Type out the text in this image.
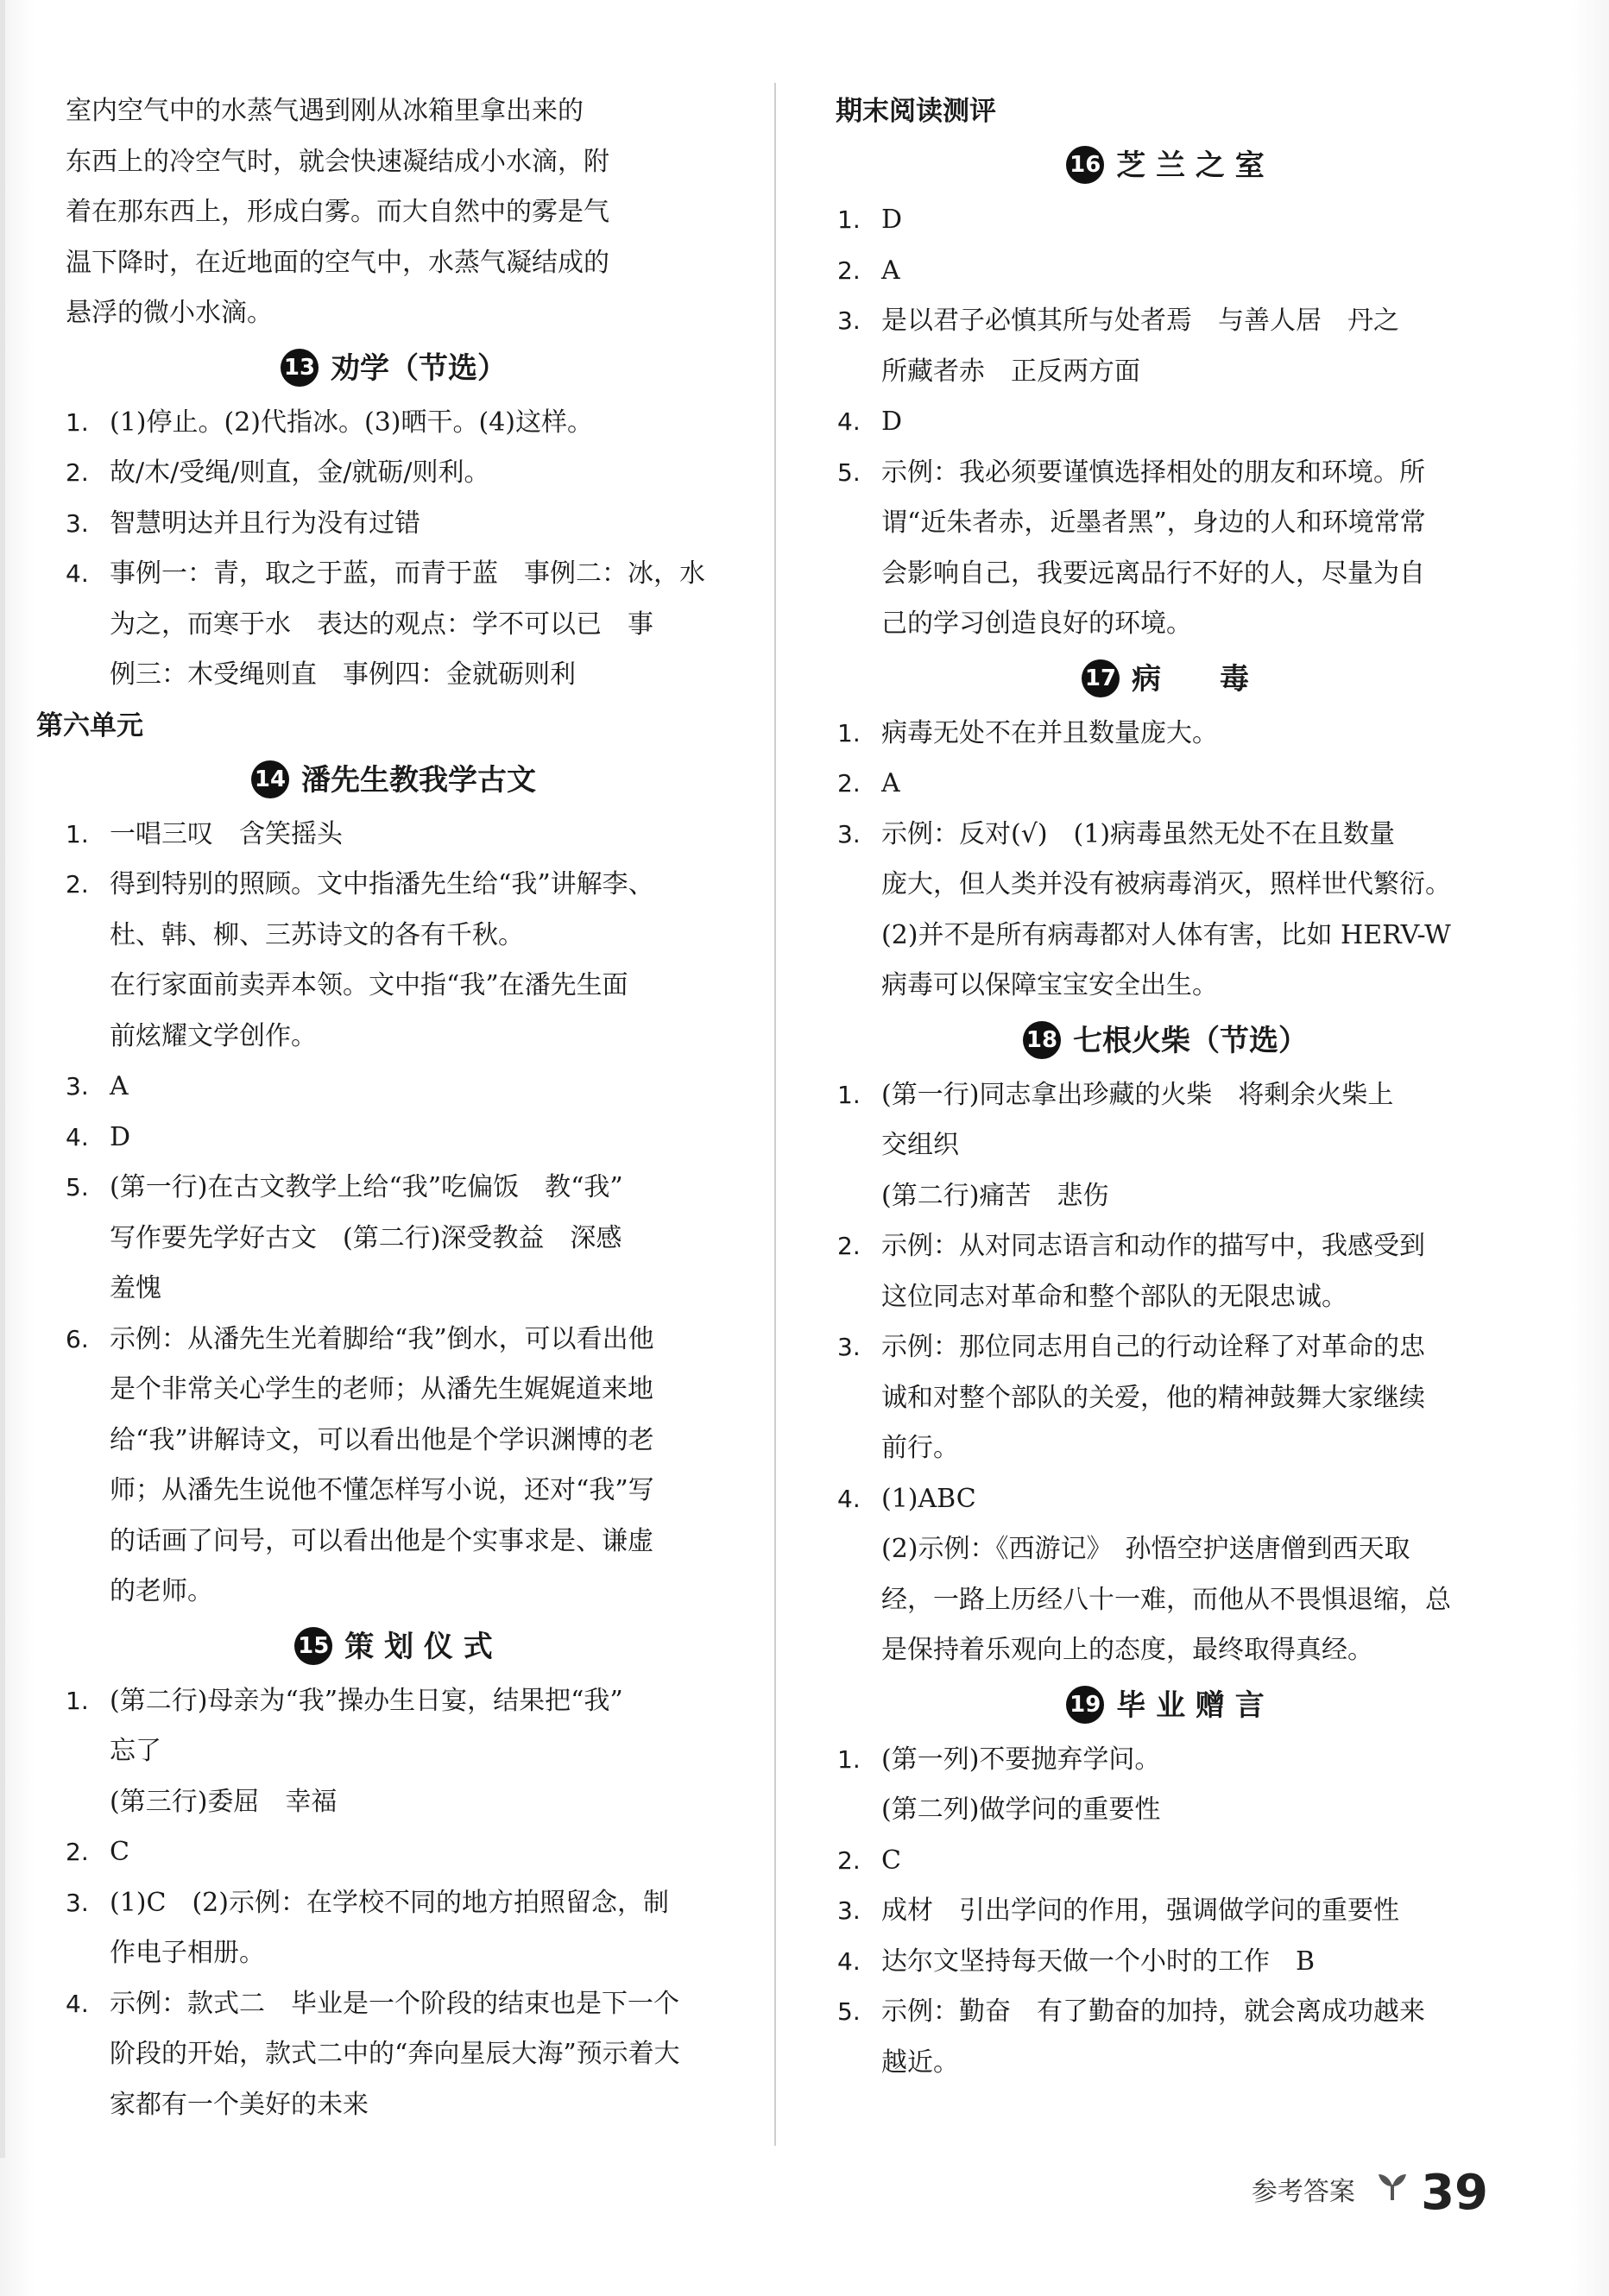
室内空气中的水蒸气遇到刚从冰箱里拿出来的
东西上的冷空气时，就会快速凝结成小水滴，附
着在那东西上，形成白雾。而大自然中的雾是气
温下降时，在近地面的空气中，水蒸气凝结成的
悬浮的微小水滴。
13 劝学（节选）
1. (1)停止。(2)代指冰。(3)晒干。(4)这样。
2. 故/木/受绳/则直，金/就砺/则利。
3. 智慧明达并且行为没有过错
4. 事例一：青，取之于蓝，而青于蓝　事例二：冰，水
为之，而寒于水　表达的观点：学不可以已　事
例三：木受绳则直　事例四：金就砺则利
第六单元
14 潘先生教我学古文
1. 一唱三叹　含笑摇头
2. 得到特别的照顾。文中指潘先生给“我”讲解李、
杜、韩、柳、三苏诗文的各有千秋。
在行家面前卖弄本领。文中指“我”在潘先生面
前炫耀文学创作。
3. A
4. D
5. (第一行)在古文教学上给“我”吃偏饭　教“我”
写作要先学好古文　(第二行)深受教益　深感
羞愧
6. 示例：从潘先生光着脚给“我”倒水，可以看出他
是个非常关心学生的老师；从潘先生娓娓道来地
给“我”讲解诗文，可以看出他是个学识渊博的老
师；从潘先生说他不懂怎样写小说，还对“我”写
的话画了问号，可以看出他是个实事求是、谦虚
的老师。
15 策 划 仪 式
1. (第二行)母亲为“我”操办生日宴，结果把“我”
忘了
(第三行)委屈　幸福
2. C
3. (1)C　(2)示例：在学校不同的地方拍照留念，制
作电子相册。
4. 示例：款式二　毕业是一个阶段的结束也是下一个
阶段的开始，款式二中的“奔向星辰大海”预示着大
家都有一个美好的未来
期末阅读测评
16 芝 兰 之 室
1. D
2. A
3. 是以君子必慎其所与处者焉　与善人居　丹之
所藏者赤　正反两方面
4. D
5. 示例：我必须要谨慎选择相处的朋友和环境。所
谓“近朱者赤，近墨者黑”，身边的人和环境常常
会影响自己，我要远离品行不好的人，尽量为自
己的学习创造良好的环境。
17 病　　毒
1. 病毒无处不在并且数量庞大。
2. A
3. 示例：反对(√)　(1)病毒虽然无处不在且数量
庞大，但人类并没有被病毒消灭，照样世代繁衍。
(2)并不是所有病毒都对人体有害，比如 HERV-W
病毒可以保障宝宝安全出生。
18 七根火柴（节选）
1. (第一行)同志拿出珍藏的火柴　将剩余火柴上
交组织
(第二行)痛苦　悲伤
2. 示例：从对同志语言和动作的描写中，我感受到
这位同志对革命和整个部队的无限忠诚。
3. 示例：那位同志用自己的行动诠释了对革命的忠
诚和对整个部队的关爱，他的精神鼓舞大家继续
前行。
4. (1)ABC
(2)示例：《西游记》　孙悟空护送唐僧到西天取
经，一路上历经八十一难，而他从不畏惧退缩，总
是保持着乐观向上的态度，最终取得真经。
19 毕 业 赠 言
1. (第一列)不要抛弃学问。
(第二列)做学问的重要性
2. C
3. 成材　引出学问的作用，强调做学问的重要性
4. 达尔文坚持每天做一个小时的工作　B
5. 示例：勤奋　有了勤奋的加持，就会离成功越来
越近。
参考答案 39
